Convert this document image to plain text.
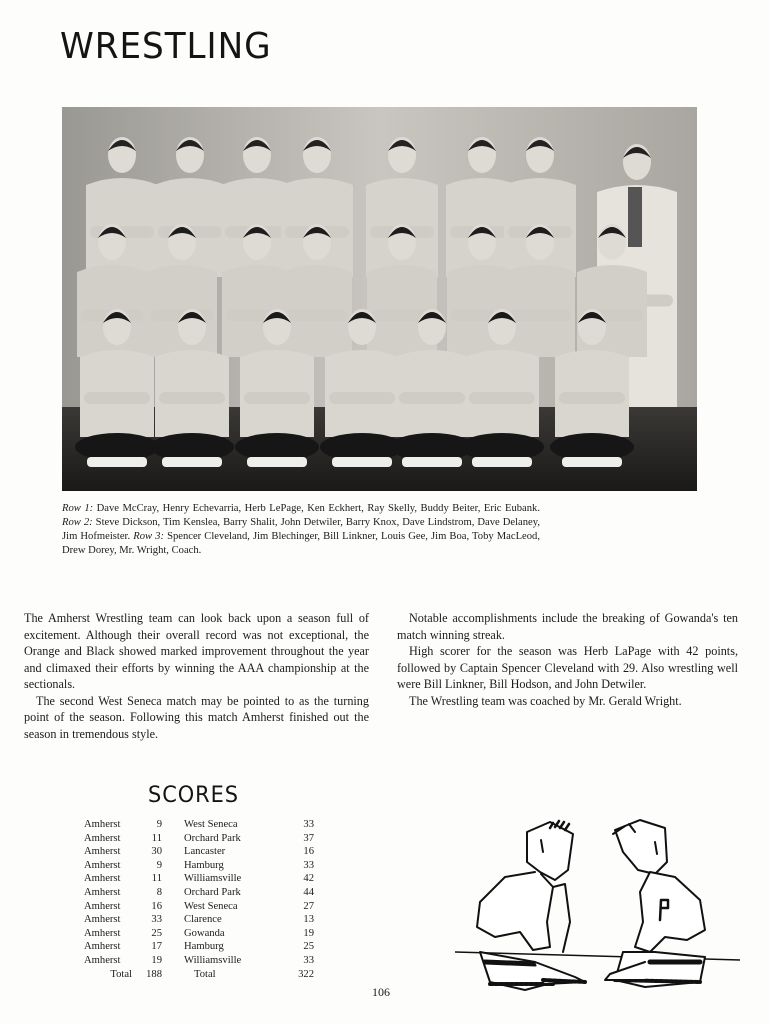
WRESTLING
Row 1: Dave McCray, Henry Echevarria, Herb LePage, Ken Eckhert, Ray Skelly, Buddy Beiter, Eric Eubank. Row 2: Steve Dickson, Tim Kenslea, Barry Shalit, John Detwiler, Barry Knox, Dave Lindstrom, Dave Delaney, Jim Hofmeister. Row 3: Spencer Cleveland, Jim Blechinger, Bill Linkner, Louis Gee, Jim Boa, Toby MacLeod, Drew Dorey, Mr. Wright, Coach.

The Amherst Wrestling team can look back upon a season full of excitement. Although their overall record was not exceptional, the Orange and Black showed marked improvement throughout the year and climaxed their efforts by winning the AAA championship at the sectionals.

The second West Seneca match may be pointed to as the turning point of the season. Following this match Amherst finished out the season in tremendous style.

Notable accomplishments include the breaking of Gowanda's ten match winning streak.

High scorer for the season was Herb LaPage with 42 points, followed by Captain Spencer Cleveland with 29. Also wrestling well were Bill Linkner, Bill Hodson, and John Detwiler.

The Wrestling team was coached by Mr. Gerald Wright.

SCORES
Amherst	9	West Seneca	33
Amherst	11	Orchard Park	37
Amherst	30	Lancaster	16
Amherst	9	Hamburg	33
Amherst	11	Williamsville	42
Amherst	8	Orchard Park	44
Amherst	16	West Seneca	27
Amherst	33	Clarence	13
Amherst	25	Gowanda	19
Amherst	17	Hamburg	25
Amherst	19	Williamsville	33
Total	188	Total	322
106
